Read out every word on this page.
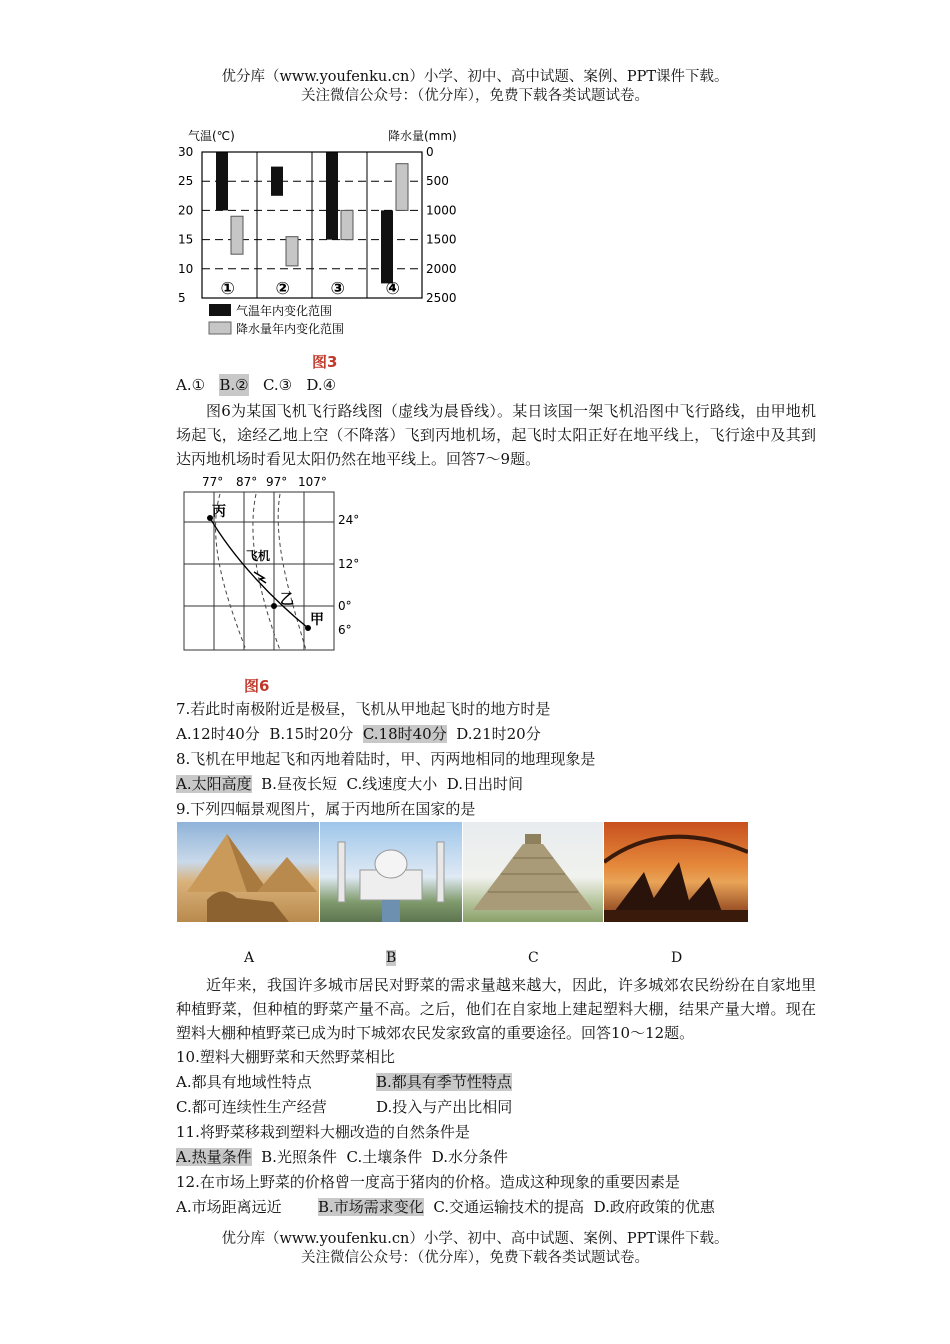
优分库（www.youfenku.cn）小学、初中、高中试题、案例、PPT课件下载。
关注微信公众号：（优分库），免费下载各类试题试卷。
气温(℃)	降水量(mm)
30
25
20
15
10
5
0
500
1000
1500
2000
2500
① ② ③ ④
气温年内变化范围
降水量年内变化范围
图3
A.① B.② C.③ D.④
图6为某国飞机飞行路线图（虚线为晨昏线）。某日该国一架飞机沿图中飞行路线，由甲地机场起飞，途经乙地上空（不降落）飞到丙地机场，起飞时太阳正好在地平线上，飞行途中及其到达丙地机场时看见太阳仍然在地平线上。回答7～9题。
77° 87° 97° 107°
24°
12°
0°
6°
丙
飞机
乙
甲
图6
7.若此时南极附近是极昼，飞机从甲地起飞时的地方时是
A.12时40分 B.15时20分 C.18时40分 D.21时20分
8.飞机在甲地起飞和丙地着陆时，甲、丙两地相同的地理现象是
A.太阳高度 B.昼夜长短 C.线速度大小 D.日出时间
9.下列四幅景观图片，属于丙地所在国家的是
A	B	C	D
近年来，我国许多城市居民对野菜的需求量越来越大，因此，许多城郊农民纷纷在自家地里种植野菜，但种植的野菜产量不高。之后，他们在自家地上建起塑料大棚，结果产量大增。现在塑料大棚种植野菜已成为时下城郊农民发家致富的重要途径。回答10～12题。
10.塑料大棚野菜和天然野菜相比
A.都具有地域性特点	B.都具有季节性特点
C.都可连续性生产经营	D.投入与产出比相同
11.将野菜移栽到塑料大棚改造的自然条件是
A.热量条件 B.光照条件 C.土壤条件 D.水分条件
12.在市场上野菜的价格曾一度高于猪肉的价格。造成这种现象的重要因素是
A.市场距离远近 B.市场需求变化 C.交通运输技术的提高 D.政府政策的优惠
优分库（www.youfenku.cn）小学、初中、高中试题、案例、PPT课件下载。
关注微信公众号：（优分库），免费下载各类试题试卷。
